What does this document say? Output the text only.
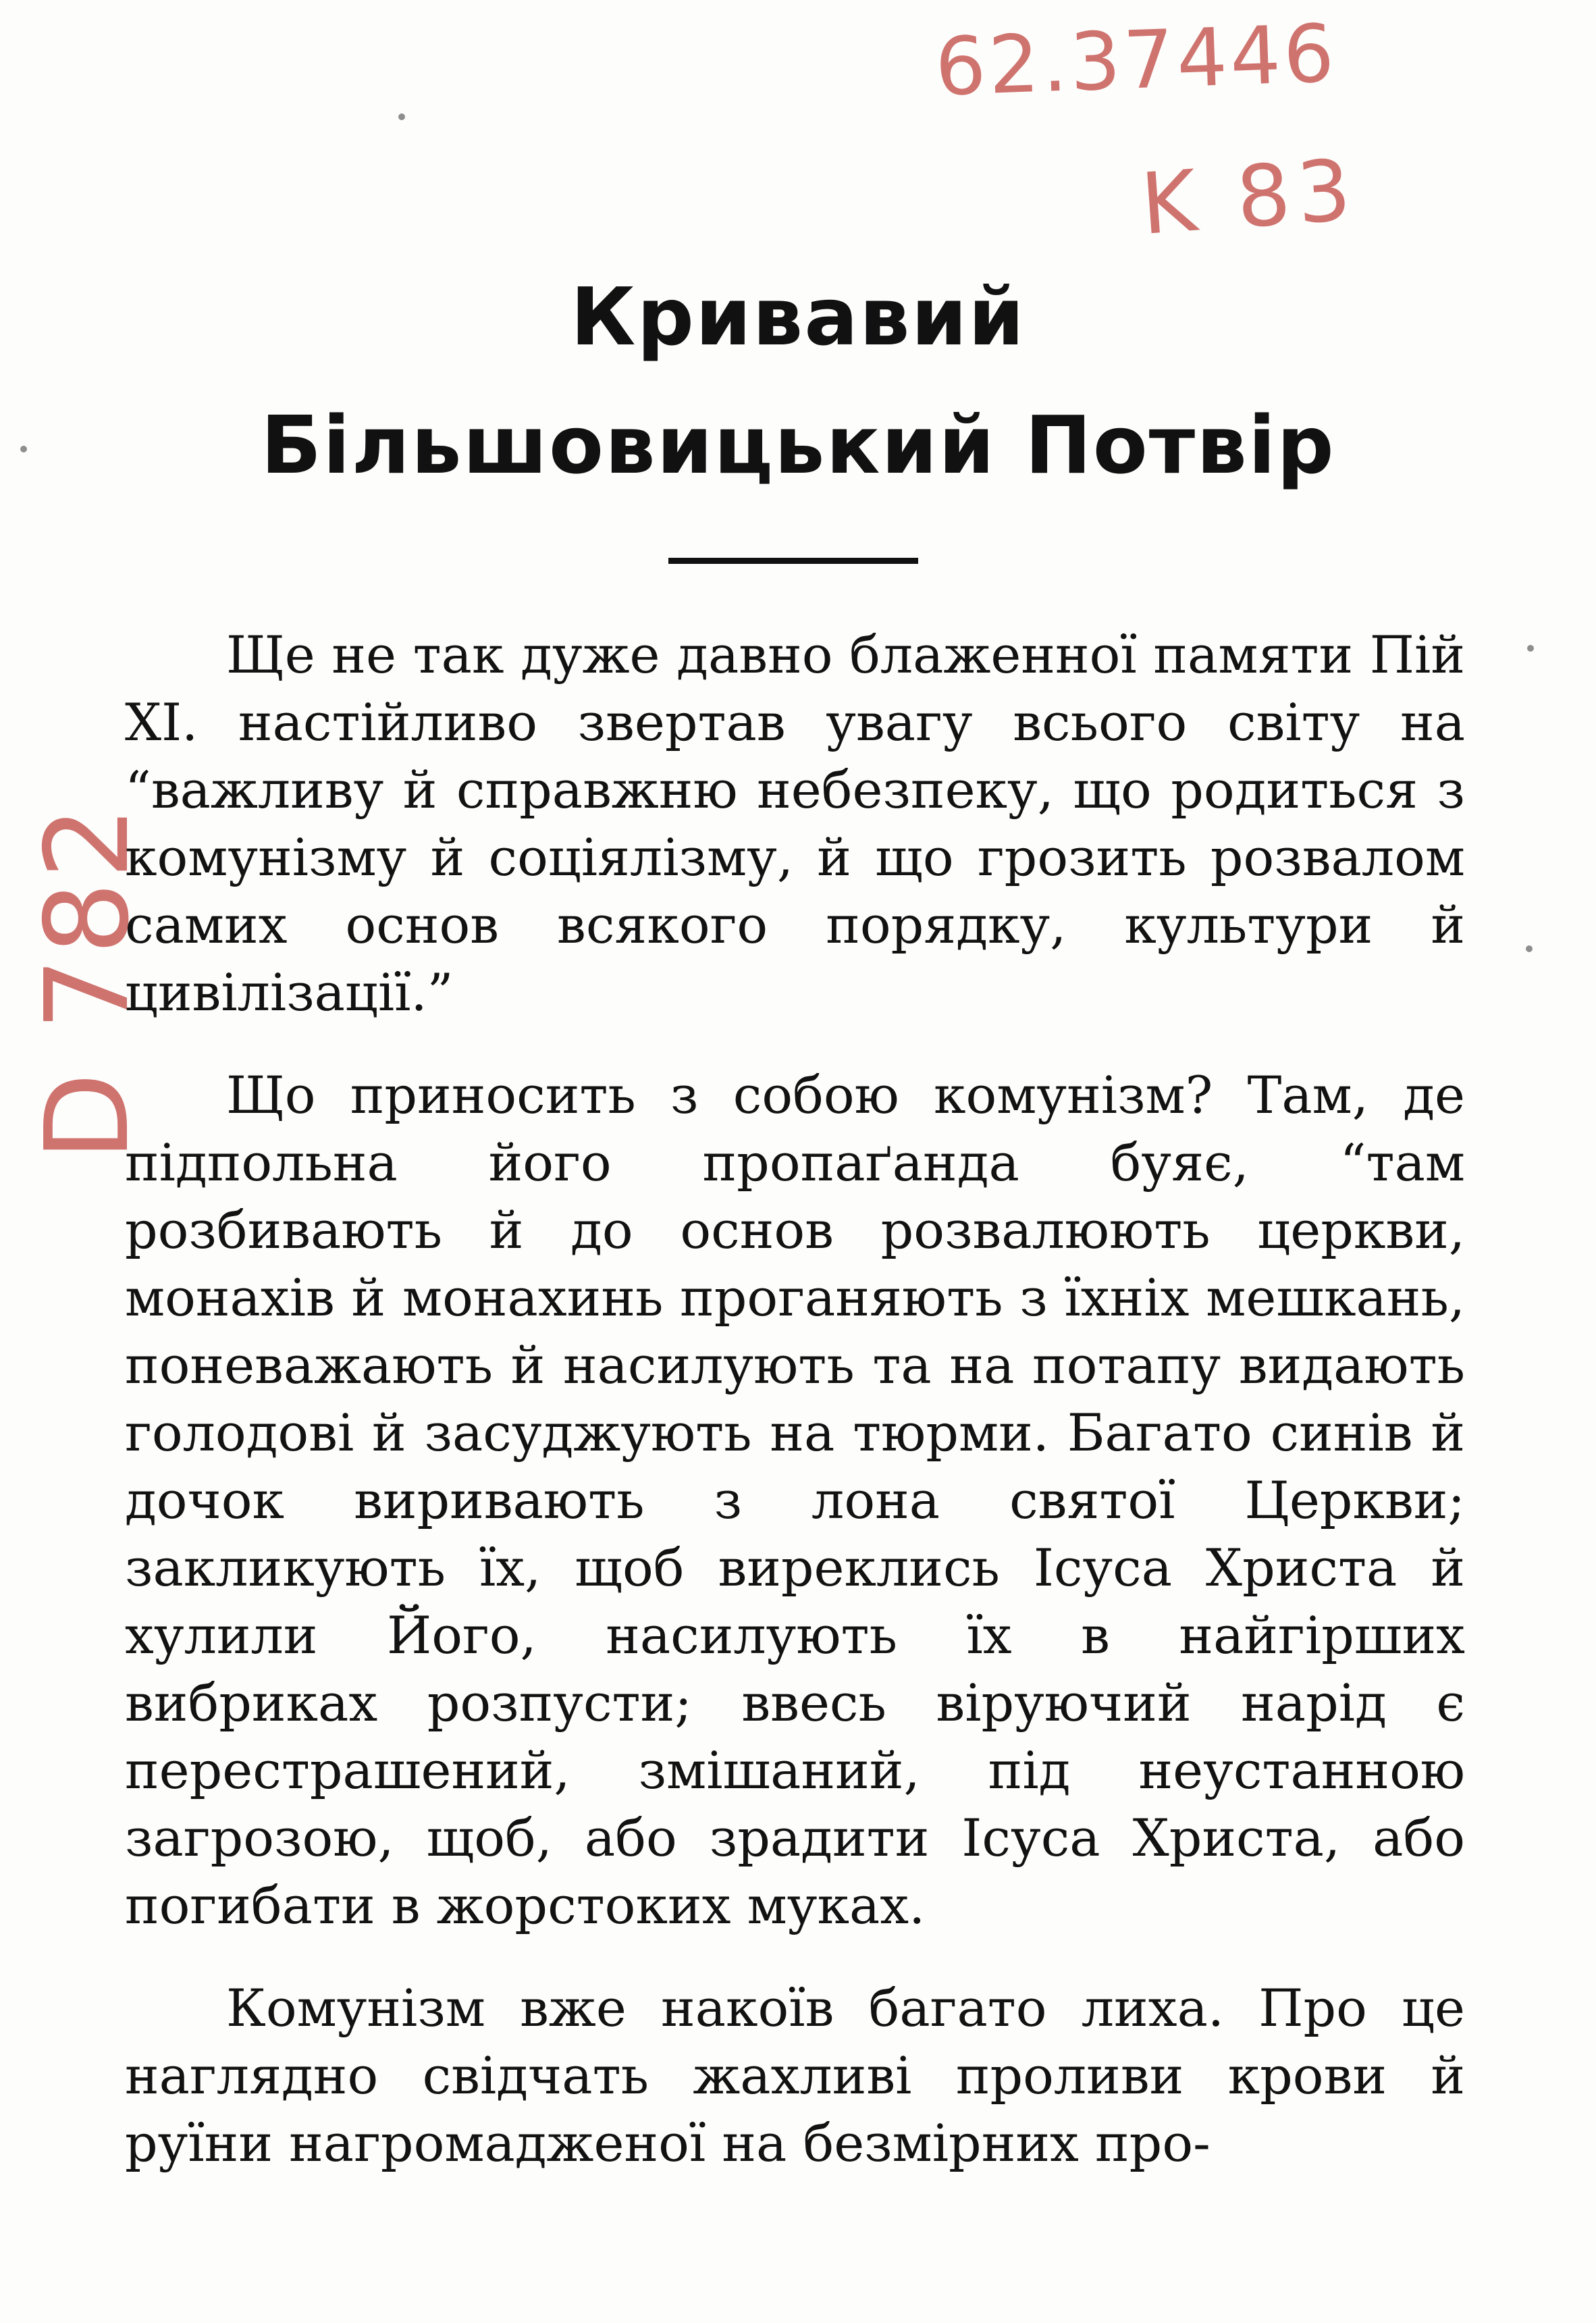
62.37446
K 83
D 782
Кривавий
Більшовицький Потвір

Ще не так дуже давно блаженної памяти Пій XI. настійливо звертав увагу всього світу на “важливу й справжню небезпеку, що родиться з комунізму й соціялізму, й що грозить розвалом самих основ всякого порядку, культури й цивілізації.”

Що приносить з собою комунізм? Там, де підпольна його пропаґанда буяє, “там розбивають й до основ розвалюють церкви, монахів й монахинь проганяють з їхніх мешкань, поневажають й насилують та на потапу видають голодові й засуджують на тюрми. Багато синів й дочок виривають з лона святої Церкви; закликують їх, щоб виреклись Ісуса Христа й хулили Його, насилують їх в найгірших вибриках розпусти; ввесь віруючий нарід є перестрашений, змішаний, під неустанною загрозою, щоб, або зрадити Ісуса Христа, або погибати в жорстоких муках.

Комунізм вже накоїв багато лиха. Про це наглядно свідчать жахливі проливи крови й руїни нагромадженої на безмірних про-
